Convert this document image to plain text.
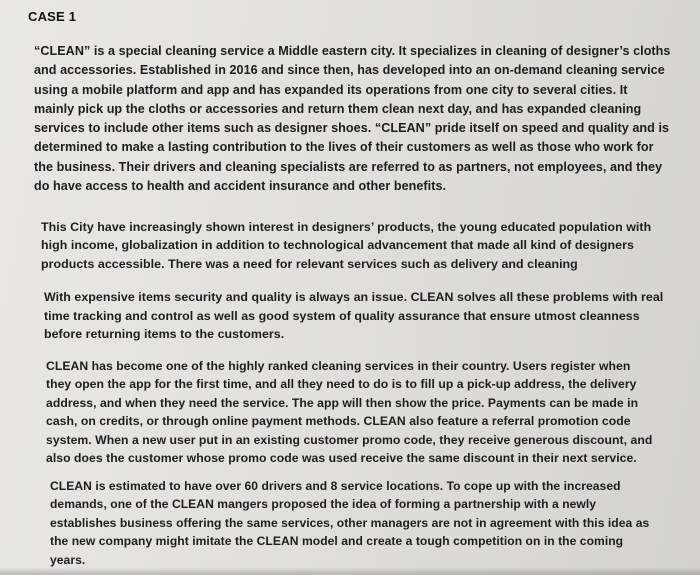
CASE 1

“CLEAN” is a special cleaning service a Middle eastern city. It specializes in cleaning of designer’s cloths
and accessories. Established in 2016 and since then, has developed into an on-demand cleaning service
using a mobile platform and app and has expanded its operations from one city to several cities. It
mainly pick up the cloths or accessories and return them clean next day, and has expanded cleaning
services to include other items such as designer shoes. “CLEAN” pride itself on speed and quality and is
determined to make a lasting contribution to the lives of their customers as well as those who work for
the business. Their drivers and cleaning specialists are referred to as partners, not employees, and they
do have access to health and accident insurance and other benefits.

This City have increasingly shown interest in designers’ products, the young educated population with
high income, globalization in addition to technological advancement that made all kind of designers
products accessible. There was a need for relevant services such as delivery and cleaning

With expensive items security and quality is always an issue. CLEAN solves all these problems with real
time tracking and control as well as good system of quality assurance that ensure utmost cleanness
before returning items to the customers.

CLEAN has become one of the highly ranked cleaning services in their country. Users register when
they open the app for the first time, and all they need to do is to fill up a pick-up address, the delivery
address, and when they need the service. The app will then show the price. Payments can be made in
cash, on credits, or through online payment methods. CLEAN also feature a referral promotion code
system. When a new user put in an existing customer promo code, they receive generous discount, and
also does the customer whose promo code was used receive the same discount in their next service.

CLEAN is estimated to have over 60 drivers and 8 service locations. To cope up with the increased
demands, one of the CLEAN mangers proposed the idea of forming a partnership with a newly
establishes business offering the same services, other managers are not in agreement with this idea as
the new company might imitate the CLEAN model and create a tough competition on in the coming
years.
